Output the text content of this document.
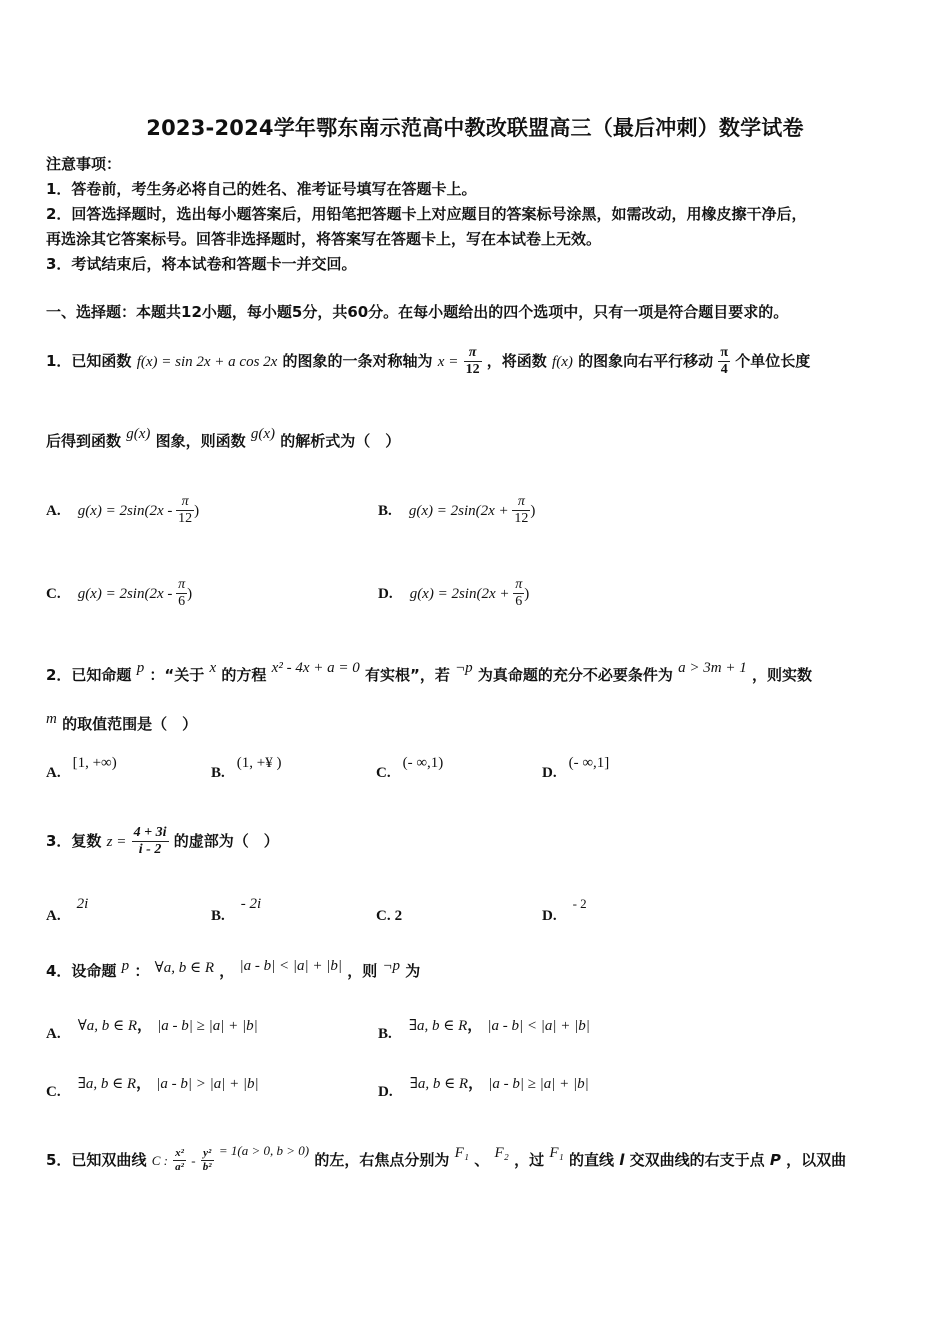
2023-2024学年鄂东南示范高中教改联盟高三（最后冲刺）数学试卷
注意事项：
1．答卷前，考生务必将自己的姓名、准考证号填写在答题卡上。
2．回答选择题时，选出每小题答案后，用铅笔把答题卡上对应题目的答案标号涂黑，如需改动，用橡皮擦干净后，
再选涂其它答案标号。回答非选择题时，将答案写在答题卡上，写在本试卷上无效。
3．考试结束后，将本试卷和答题卡一并交回。
一、选择题：本题共12小题，每小题5分，共60分。在每小题给出的四个选项中，只有一项是符合题目要求的。
1．已知函数 f(x) = sin 2x + a cos 2x 的图象的一条对称轴为 $x = \frac{\pi}{12}$ ，将函数 f(x) 的图象向右平行移动 $\frac{\pi}{4}$ 个单位长度
后得到函数 g(x) 图象，则函数 g(x) 的解析式为（　）
A. $g(x) = 2\sin(2x - \frac{\pi}{12}$ )	B. $g(x) = 2\sin(2x + \frac{\pi}{12}$ )
C. $g(x) = 2\sin(2x - \frac{\pi}{6}$ )	D. $g(x) = 2\sin(2x + \frac{\pi}{6}$ )
2．已知命题 p ：“关于 x 的方程 x² - 4x + a = 0 有实根”，若 ¬p 为真命题的充分不必要条件为 a > 3m + 1 ，则实数
m 的取值范围是（　）
A.[1, +∞)
B.(1, +¥ )
C.(- ∞,1)
D.(- ∞,1]
3．复数 $z = \frac{4 + 3i}{i - 2}$ 的虚部为（　）
A.2i
B.- 2i
C. 2	D.- 2
4．设命题 p ： ∀a, b ∈ R ， |a - b| < |a| + |b| ，则 ¬p 为
A. ∀a, b ∈ R， |a - b| ≥ |a| + |b|	B. ∃a, b ∈ R， |a - b| < |a| + |b|
C. ∃a, b ∈ R， |a - b| > |a| + |b|	D. ∃a, b ∈ R， |a - b| ≥ |a| + |b|
5．已知双曲线 C : $\frac{\text{x²}}{\text{a²}} - \frac{\text{y²}}{\text{b²}} = 1(a > 0$, b > 0) 的左，右焦点分别为 F₁ 、 F₂ ，过 F₁ 的直线 l 交双曲线的右支于点 P ，以双曲
